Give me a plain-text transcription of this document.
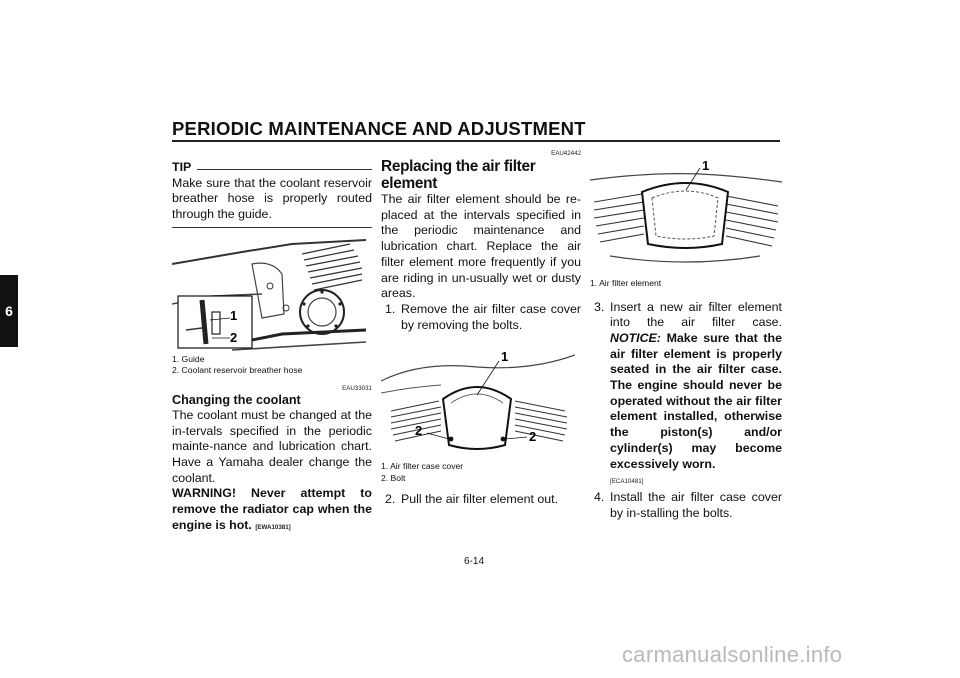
PERIODIC MAINTENANCE AND ADJUSTMENT
6
TIP
Make sure that the coolant reservoir breather hose is properly routed through the guide.
1
2
1. Guide
2. Coolant reservoir breather hose
EAU33031
Changing the coolant
The coolant must be changed at the in-tervals specified in the periodic mainte-nance and lubrication chart. Have a Yamaha dealer change the coolant.
WARNING! Never attempt to remove the radiator cap when the engine is hot. [EWA10381]
EAU42442
Replacing the air filter element
The air filter element should be re-placed at the intervals specified in the periodic maintenance and lubrication chart. Replace the air filter element more frequently if you are riding in un-usually wet or dusty areas.
1. Remove the air filter case cover by removing the bolts.
1
2	2
1. Air filter case cover
2. Bolt
2. Pull the air filter element out.
1
1. Air filter element
3. Insert a new air filter element into the air filter case. NOTICE: Make sure that the air filter element is properly seated in the air filter case. The engine should never be operated without the air filter element installed, otherwise the piston(s) and/or cylinder(s) may become excessively worn.
[ECA10481]
4. Install the air filter case cover by in-stalling the bolts.
6-14
carmanualsonline.info
